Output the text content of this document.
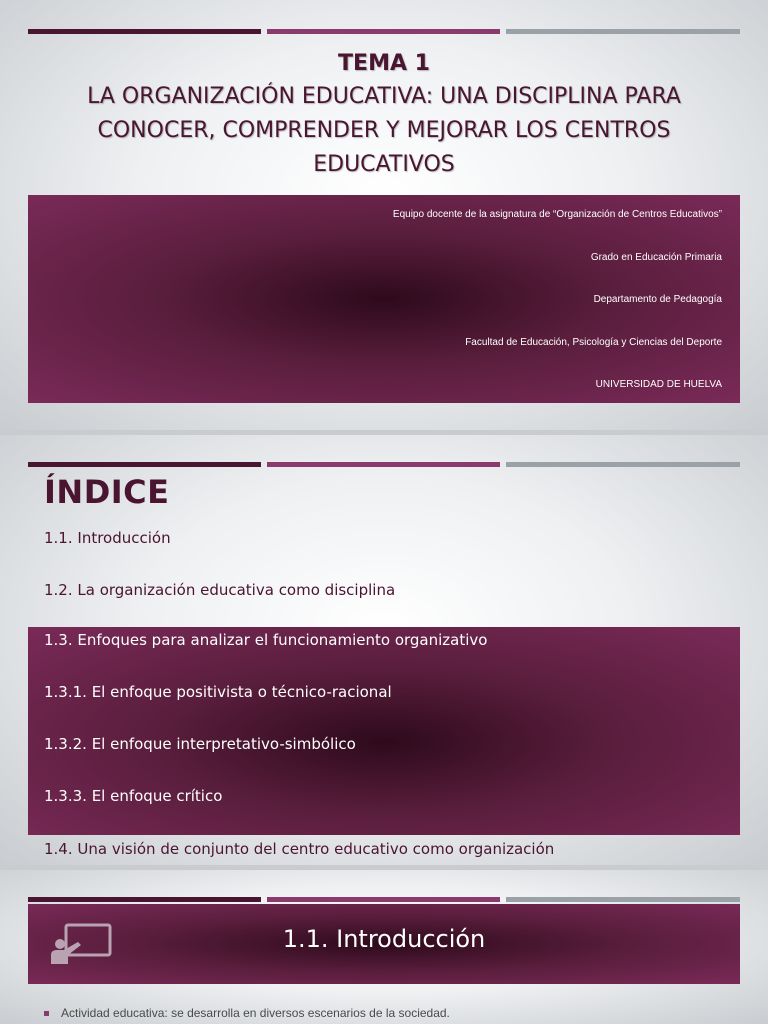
TEMA 1
LA ORGANIZACIÓN EDUCATIVA: UNA DISCIPLINA PARA
CONOCER, COMPRENDER Y MEJORAR LOS CENTROS
EDUCATIVOS
Equipo docente de la asignatura de “Organización de Centros Educativos”
Grado en Educación Primaria
Departamento de Pedagogía
Facultad de Educación, Psicología y Ciencias del Deporte
UNIVERSIDAD DE HUELVA
ÍNDICE
1.1. Introducción
1.2. La organización educativa como disciplina
1.3. Enfoques para analizar el funcionamiento organizativo
1.3.1. El enfoque positivista o técnico-racional
1.3.2. El enfoque interpretativo-simbólico
1.3.3. El enfoque crítico
1.4. Una visión de conjunto del centro educativo como organización
1.1. Introducción
Actividad educativa: se desarrolla en diversos escenarios de la sociedad.
